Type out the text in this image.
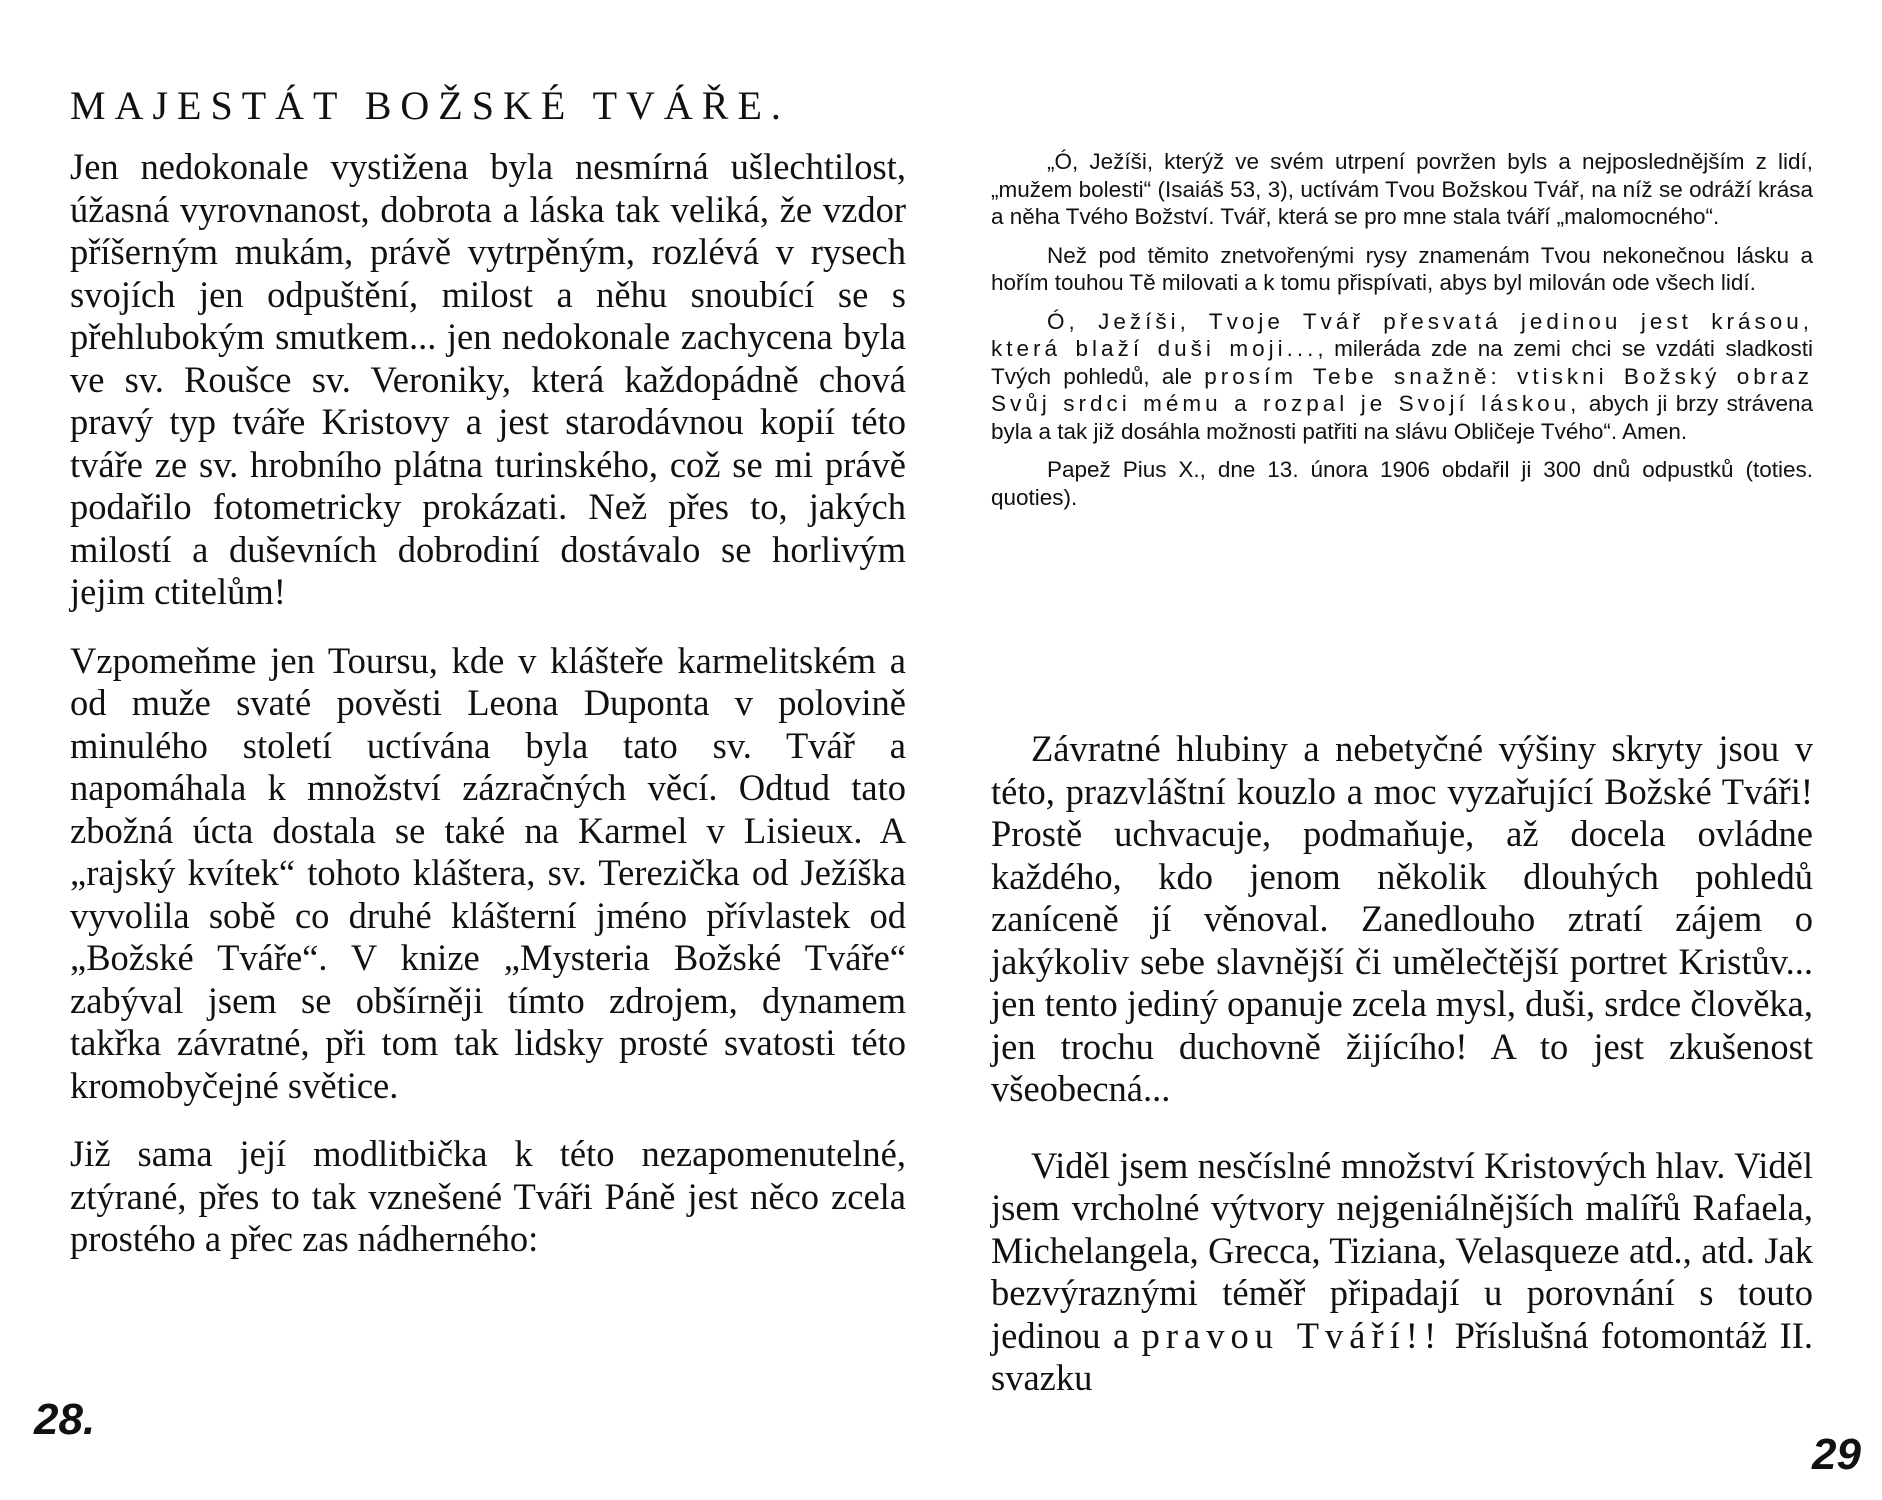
MAJESTÁT BOŽSKÉ TVÁŘE.

Jen nedokonale vystižena byla nesmírná ušlechtilost, úžasná vyrovnanost, dobrota a láska tak veliká, že vzdor příšerným mukám, právě vytrpěným, rozlévá v rysech svojích jen odpuštění, milost a něhu snoubící se s přehlubokým smutkem... jen nedokonale zachycena byla ve sv. Roušce sv. Veroniky, která každopádně chová pravý typ tváře Kristovy a jest starodávnou kopií této tváře ze sv. hrobního plátna turinského, což se mi právě podařilo fotometricky prokázati. Než přes to, jakých milostí a duševních dobrodiní dostávalo se horlivým jejim ctitelům!

Vzpomeňme jen Toursu, kde v klášteře karmelitském a od muže svaté pověsti Leona Duponta v polovině minulého století uctívána byla tato sv. Tvář a napomáhala k množství zázračných věcí. Odtud tato zbožná úcta dostala se také na Karmel v Lisieux. A „rajský kvítek“ tohoto kláštera, sv. Terezička od Ježíška vyvolila sobě co druhé klášterní jméno přívlastek od „Božské Tváře“. V knize „Mysteria Božské Tváře“ zabýval jsem se obšírněji tímto zdrojem, dynamem takřka závratné, při tom tak lidsky prosté svatosti této kromobyčejné světice.

Již sama její modlitbička k této nezapomenutelné, ztýrané, přes to tak vznešené Tváři Páně jest něco zcela prostého a přec zas nádherného:

28.

„Ó, Ježíši, kterýž ve svém utrpení povržen byls a nejposlednějším z lidí, „mužem bolesti“ (Isaiáš 53, 3), uctívám Tvou Božskou Tvář, na níž se odráží krása a něha Tvého Božství. Tvář, která se pro mne stala tváří „malomocného“.

Než pod těmito znetvořenými rysy znamenám Tvou nekonečnou lásku a hořím touhou Tě milovati a k tomu přispívati, abys byl milován ode všech lidí.

Ó, Ježíši, Tvoje Tvář přesvatá jedinou jest krásou, která blaží duši moji..., mileráda zde na zemi chci se vzdáti sladkosti Tvých pohledů, ale prosím Tebe snažně: vtiskni Božský obraz Svůj srdci mému a rozpal je Svojí láskou, abych ji brzy strávena byla a tak již dosáhla možnosti patřiti na slávu Obličeje Tvého“. Amen.

Papež Pius X., dne 13. února 1906 obdařil ji 300 dnů odpustků (toties. quoties).

Závratné hlubiny a nebetyčné výšiny skryty jsou v této, prazvláštní kouzlo a moc vyzařující Božské Tváři! Prostě uchvacuje, podmaňuje, až docela ovládne každého, kdo jenom několik dlouhých pohledů zaníceně jí věnoval. Zanedlouho ztratí zájem o jakýkoliv sebe slavnější či umělečtější portret Kristův... jen tento jediný opanuje zcela mysl, duši, srdce člověka, jen trochu duchovně žijícího! A to jest zkušenost všeobecná...

Viděl jsem nesčíslné množství Kristových hlav. Viděl jsem vrcholné výtvory nejgeniálnějších malířů Rafaela, Michelangela, Grecca, Tiziana, Velasqueze atd., atd. Jak bezvýraznými téměř připadají u porovnání s touto jedinou a pravou Tváří!! Příslušná fotomontáž II. svazku

29
